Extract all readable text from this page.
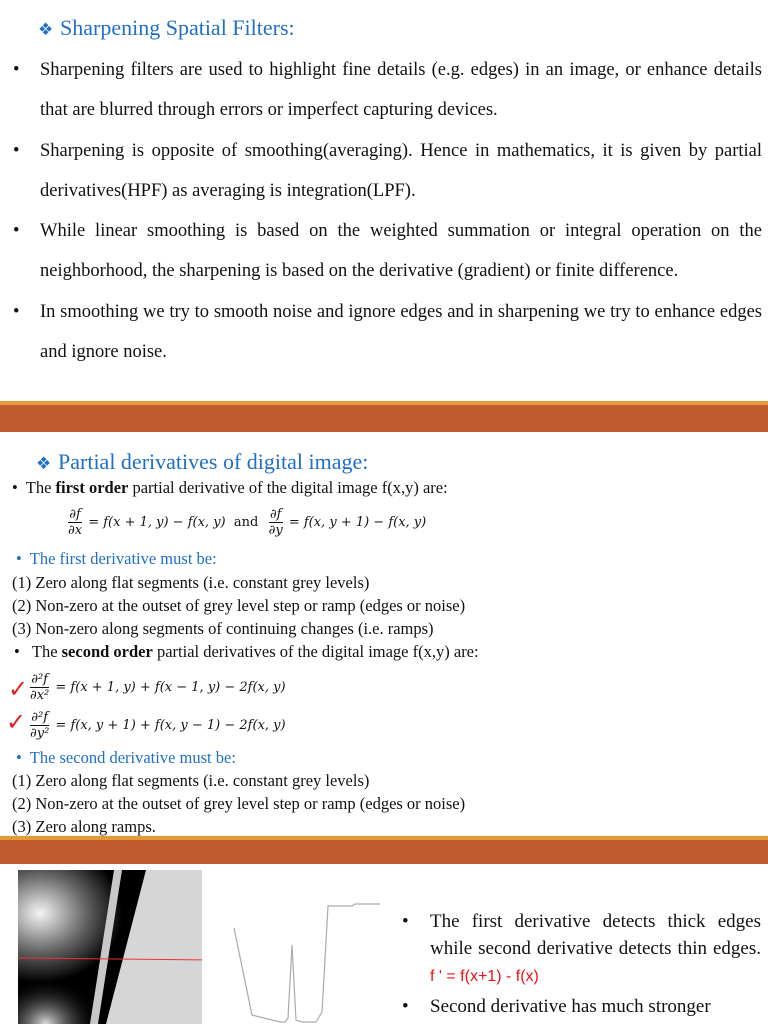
❖ Sharpening Spatial Filters:
• Sharpening filters are used to highlight fine details (e.g. edges) in an image, or enhance details that are blurred through errors or imperfect capturing devices.
• Sharpening is opposite of smoothing(averaging). Hence in mathematics, it is given by partial derivatives(HPF) as averaging is integration(LPF).
• While linear smoothing is based on the weighted summation or integral operation on the neighborhood, the sharpening is based on the derivative (gradient) or finite difference.
• In smoothing we try to smooth noise and ignore edges and in sharpening we try to enhance edges and ignore noise.
❖ Partial derivatives of digital image:
• The first order partial derivative of the digital image f(x,y) are:
$\frac{\partial f}{\partial x} = f(x + 1$, y) − f(x, y) and $\frac{\partial f}{\partial y} = f(x$, y + 1) − f(x, y)
• The first derivative must be:
(1) Zero along flat segments (i.e. constant grey levels)
(2) Non-zero at the outset of grey level step or ramp (edges or noise)
(3) Non-zero along segments of continuing changes (i.e. ramps)
• The second order partial derivatives of the digital image f(x,y) are:
✓ $\frac{\text{∂²f}}{\text{∂x²}} = f(x + 1$, y) + f(x − 1, y) − 2f(x, y)
✓ $\frac{\text{∂²f}}{\text{∂y²}} = f(x$, y + 1) + f(x, y − 1) − 2f(x, y)
• The second derivative must be:
(1) Zero along flat segments (i.e. constant grey levels)
(2) Non-zero at the outset of grey level step or ramp (edges or noise)
(3) Zero along ramps.
• The first derivative detects thick edges while second derivative detects thin edges. f ' = f(x+1) - f(x)
• Second derivative has much stronger
